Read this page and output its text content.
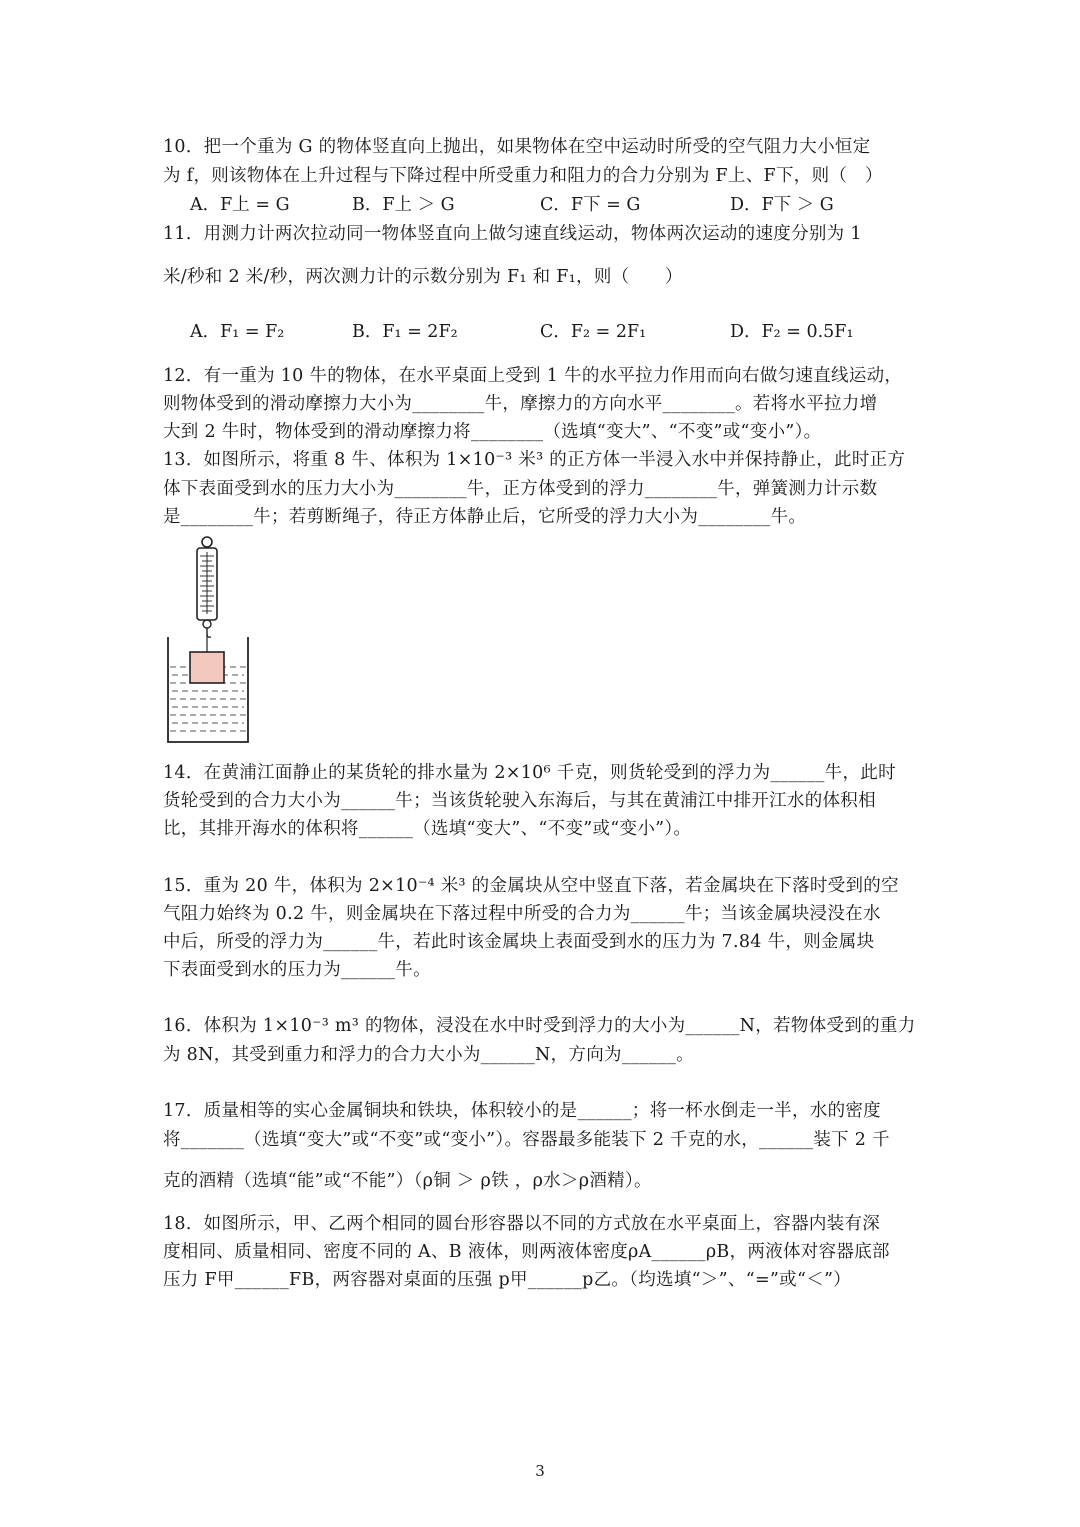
10．把一个重为 G 的物体竖直向上抛出，如果物体在空中运动时所受的空气阻力大小恒定
为 f，则该物体在上升过程与下降过程中所受重力和阻力的合力分别为 F上、F下，则（　）
A．F上 = G	B．F上 ＞ G	C．F下 = G	D．F下 ＞ G
11．用测力计两次拉动同一物体竖直向上做匀速直线运动，物体两次运动的速度分别为 1
米/秒和 2 米/秒，两次测力计的示数分别为 F₁ 和 F₁，则（　　）
A．F₁ = F₂	B．F₁ = 2F₂	C．F₂ = 2F₁	D．F₂ = 0.5F₁
12．有一重为 10 牛的物体，在水平桌面上受到 1 牛的水平拉力作用而向右做匀速直线运动，
则物体受到的滑动摩擦力大小为________牛，摩擦力的方向水平________。若将水平拉力增
大到 2 牛时，物体受到的滑动摩擦力将________（选填“变大”、“不变”或“变小”）。
13．如图所示，将重 8 牛、体积为 1×10⁻³ 米³ 的正方体一半浸入水中并保持静止，此时正方
体下表面受到水的压力大小为________牛，正方体受到的浮力________牛，弹簧测力计示数
是________牛；若剪断绳子，待正方体静止后，它所受的浮力大小为________牛。
14．在黄浦江面静止的某货轮的排水量为 2×10⁶ 千克，则货轮受到的浮力为______牛，此时
货轮受到的合力大小为______牛；当该货轮驶入东海后，与其在黄浦江中排开江水的体积相
比，其排开海水的体积将______（选填“变大”、“不变”或“变小”）。
15．重为 20 牛，体积为 2×10⁻⁴ 米³ 的金属块从空中竖直下落，若金属块在下落时受到的空
气阻力始终为 0.2 牛，则金属块在下落过程中所受的合力为______牛；当该金属块浸没在水
中后，所受的浮力为______牛，若此时该金属块上表面受到水的压力为 7.84 牛，则金属块
下表面受到水的压力为______牛。
16．体积为 1×10⁻³ m³ 的物体，浸没在水中时受到浮力的大小为______N，若物体受到的重力
为 8N，其受到重力和浮力的合力大小为______N，方向为______。
17．质量相等的实心金属铜块和铁块，体积较小的是______；将一杯水倒走一半，水的密度
将_______（选填“变大”或“不变”或“变小”）。容器最多能装下 2 千克的水，______装下 2 千
克的酒精（选填“能”或“不能”）（ρ铜 ＞ ρ铁 ，ρ水＞ρ酒精）。
18．如图所示，甲、乙两个相同的圆台形容器以不同的方式放在水平桌面上，容器内装有深
度相同、质量相同、密度不同的 A、B 液体，则两液体密度ρA______ρB，两液体对容器底部
压力 F甲______FB，两容器对桌面的压强 p甲______p乙。（均选填“＞”、“=”或“＜”）
3
